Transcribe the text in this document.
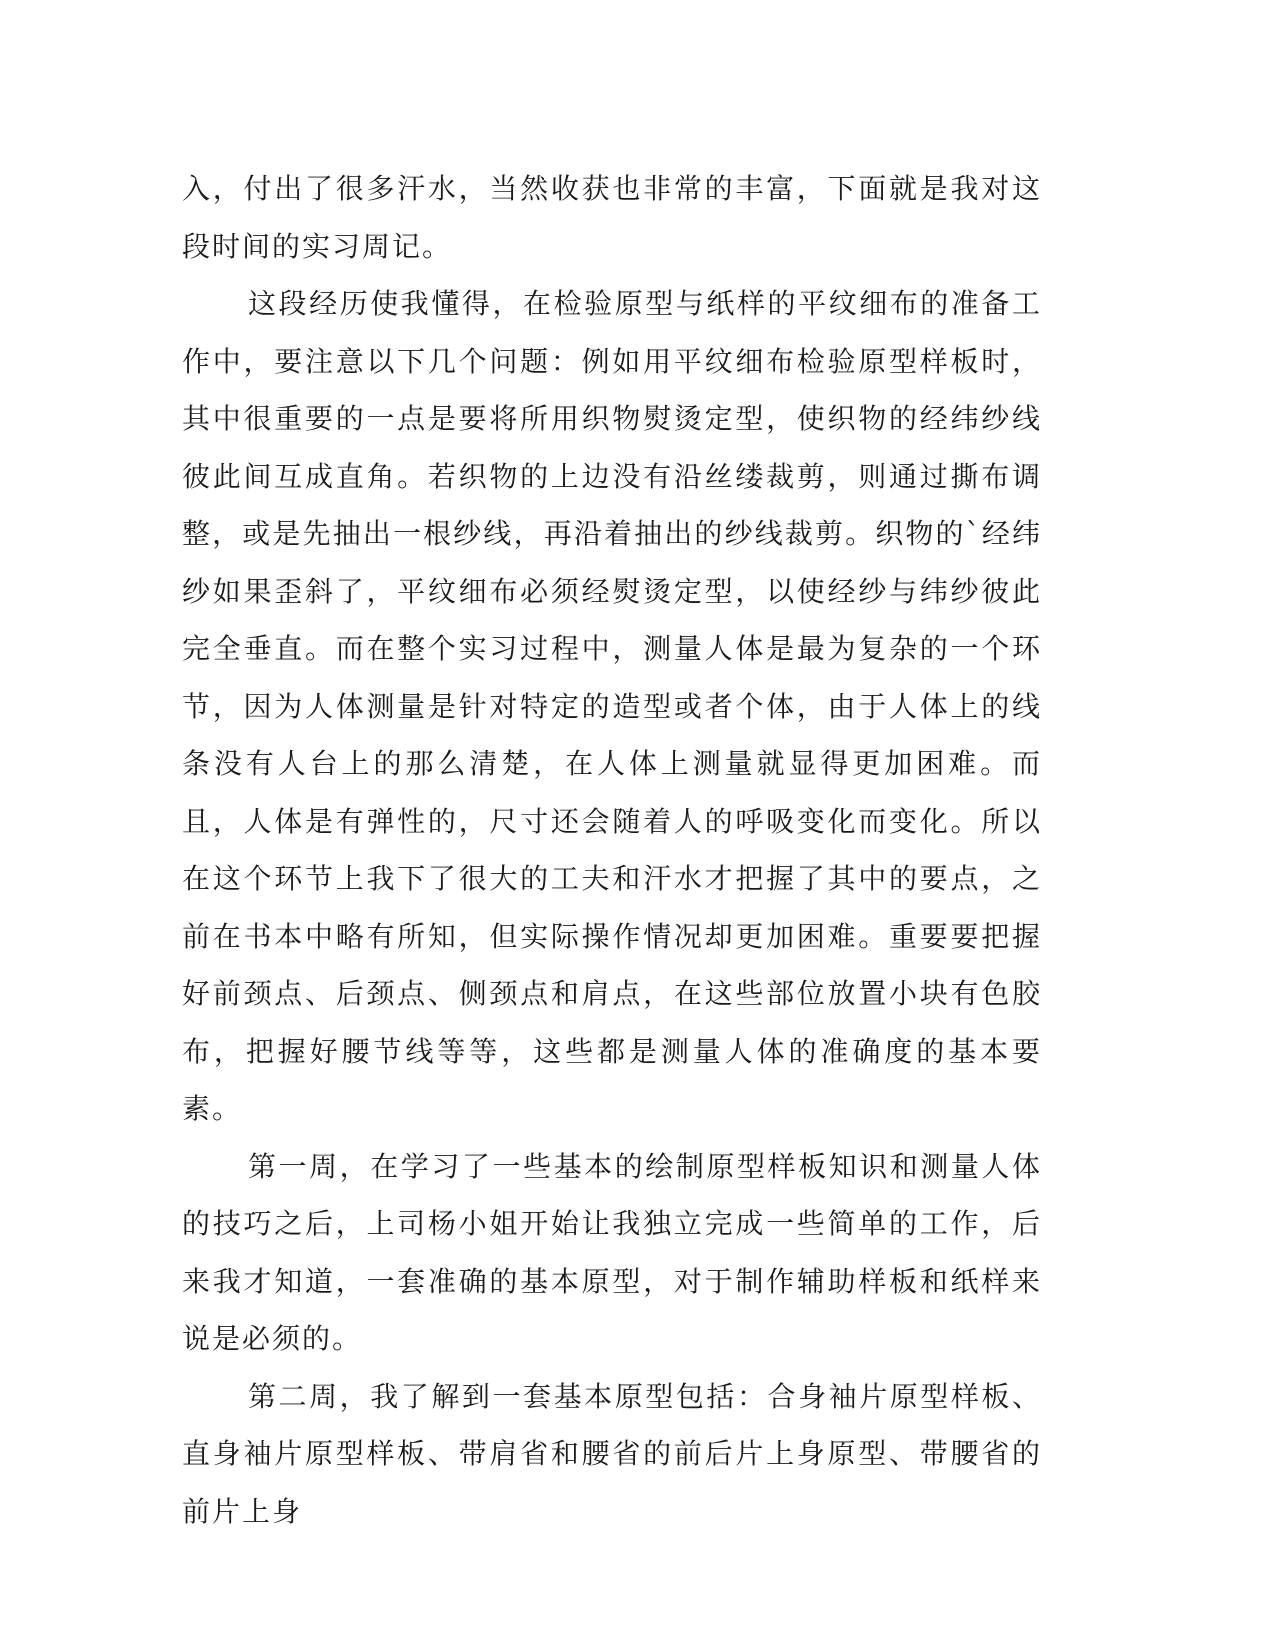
入，付出了很多汗水，当然收获也非常的丰富，下面就是我对这段时间的实习周记。

这段经历使我懂得，在检验原型与纸样的平纹细布的准备工作中，要注意以下几个问题：例如用平纹细布检验原型样板时，其中很重要的一点是要将所用织物熨烫定型，使织物的经纬纱线彼此间互成直角。若织物的上边没有沿丝缕裁剪，则通过撕布调整，或是先抽出一根纱线，再沿着抽出的纱线裁剪。织物的`经纬纱如果歪斜了，平纹细布必须经熨烫定型，以使经纱与纬纱彼此完全垂直。而在整个实习过程中，测量人体是最为复杂的一个环节，因为人体测量是针对特定的造型或者个体，由于人体上的线条没有人台上的那么清楚，在人体上测量就显得更加困难。而且，人体是有弹性的，尺寸还会随着人的呼吸变化而变化。所以在这个环节上我下了很大的工夫和汗水才把握了其中的要点，之前在书本中略有所知，但实际操作情况却更加困难。重要要把握好前颈点、后颈点、侧颈点和肩点，在这些部位放置小块有色胶布，把握好腰节线等等，这些都是测量人体的准确度的基本要素。

第一周，在学习了一些基本的绘制原型样板知识和测量人体的技巧之后，上司杨小姐开始让我独立完成一些简单的工作，后来我才知道，一套准确的基本原型，对于制作辅助样板和纸样来说是必须的。

第二周，我了解到一套基本原型包括：合身袖片原型样板、直身袖片原型样板、带肩省和腰省的前后片上身原型、带腰省的前片上身
